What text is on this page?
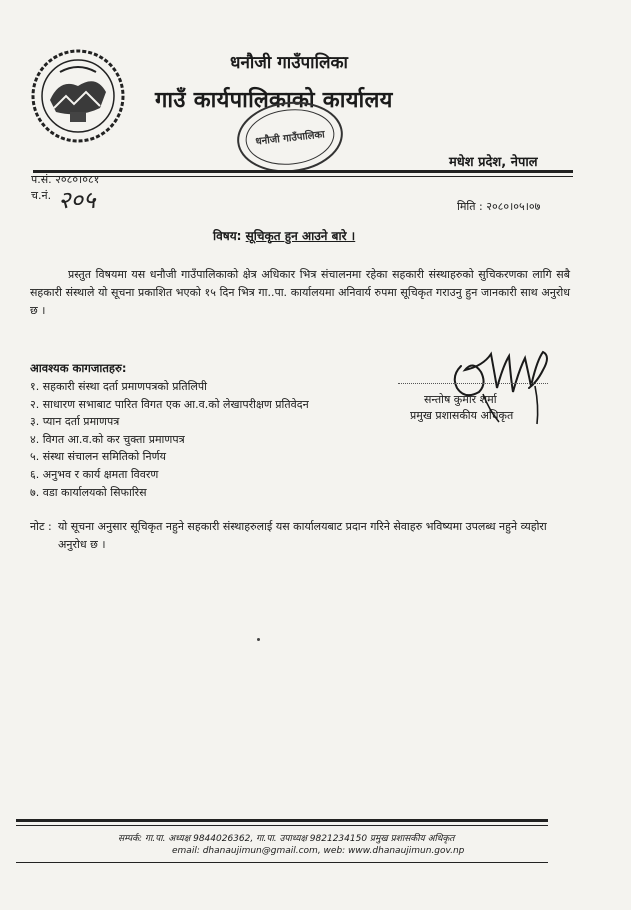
धनौजी गाउँपालिका
गाउँ कार्यपालिकाको कार्यालय
धनौजी गाउँपालिका
मधेश प्रदेश, नेपाल
प.सं. २०८०।०८१
च.नं. २०५	मिति : २०८०।०५।०७
विषय: सूचिकृत हुन आउने बारे ।
प्रस्तुत विषयमा यस धनौजी गाउँपालिकाको क्षेत्र अधिकार भित्र संचालनमा रहेका सहकारी संस्थाहरुको सुचिकरणका लागि सबै सहकारी संस्थाले यो सूचना प्रकाशित भएको १५ दिन भित्र गा..पा. कार्यालयमा अनिवार्य रुपमा सूचिकृत गराउनु हुन जानकारी साथ अनुरोध छ ।
आवश्यक कागजातहरु:
१. सहकारी संस्था दर्ता प्रमाणपत्रको प्रतिलिपी
२. साधारण सभाबाट पारित विगत एक आ.व.को लेखापरीक्षण प्रतिवेदन
३. प्यान दर्ता प्रमाणपत्र
४. विगत आ.व.को कर चुक्ता प्रमाणपत्र
५. संस्था संचालन समितिको निर्णय
६. अनुभव र कार्य क्षमता विवरण
७. वडा कार्यालयको सिफारिस
सन्तोष कुमार शर्मा
प्रमुख प्रशासकीय अधिकृत
नोट : यो सूचना अनुसार सूचिकृत नहुने सहकारी संस्थाहरुलाई यस कार्यालयबाट प्रदान गरिने सेवाहरु भविष्यमा उपलब्ध नहुने व्यहोरा अनुरोध छ ।
सम्पर्क: गा.पा. अध्यक्ष 9844026362, गा.पा. उपाध्यक्ष 9821234150 प्रमुख प्रशासकीय अधिकृत
email: dhanaujimun@gmail.com, web: www.dhanaujimun.gov.np
